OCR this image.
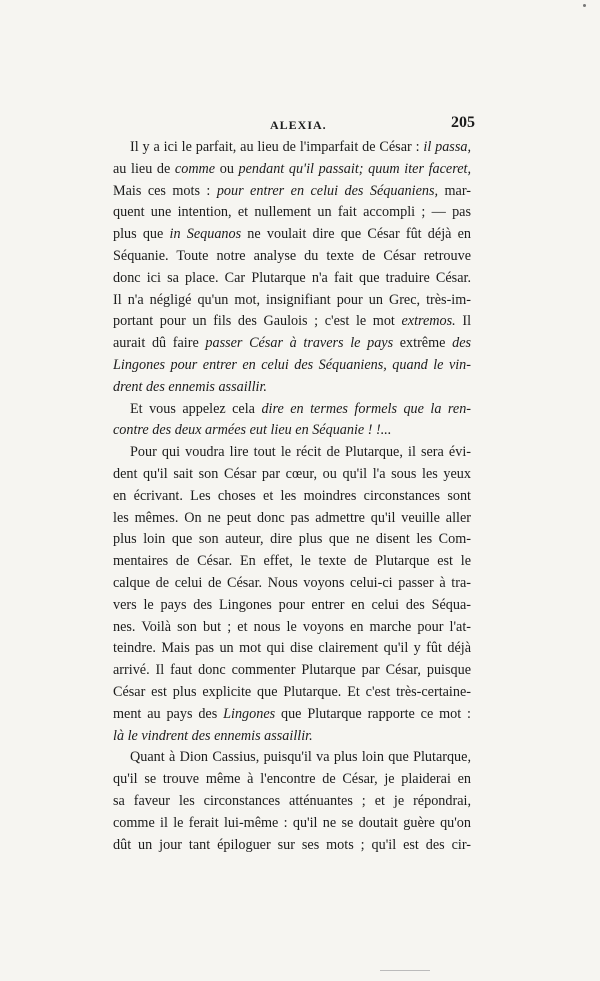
ALEXIA.	205
Il y a ici le parfait, au lieu de l'imparfait de César : il passa,
au lieu de comme ou pendant qu'il passait; quum iter faceret,
Mais ces mots : pour entrer en celui des Séquaniens, mar-
quent une intention, et nullement un fait accompli ; — pas
plus que in Sequanos ne voulait dire que César fût déjà en
Séquanie. Toute notre analyse du texte de César retrouve
donc ici sa place. Car Plutarque n'a fait que traduire César.
Il n'a négligé qu'un mot, insignifiant pour un Grec, très-im-
portant pour un fils des Gaulois ; c'est le mot extremos. Il
aurait dû faire passer César à travers le pays extrême des
Lingones pour entrer en celui des Séquaniens, quand le vin-
drent des ennemis assaillir.
Et vous appelez cela dire en termes formels que la ren-
contre des deux armées eut lieu en Séquanie ! !...
Pour qui voudra lire tout le récit de Plutarque, il sera évi-
dent qu'il sait son César par cœur, ou qu'il l'a sous les yeux
en écrivant. Les choses et les moindres circonstances sont
les mêmes. On ne peut donc pas admettre qu'il veuille aller
plus loin que son auteur, dire plus que ne disent les Com-
mentaires de César. En effet, le texte de Plutarque est le
calque de celui de César. Nous voyons celui-ci passer à tra-
vers le pays des Lingones pour entrer en celui des Séqua-
nes. Voilà son but ; et nous le voyons en marche pour l'at-
teindre. Mais pas un mot qui dise clairement qu'il y fût déjà
arrivé. Il faut donc commenter Plutarque par César, puisque
César est plus explicite que Plutarque. Et c'est très-certaine-
ment au pays des Lingones que Plutarque rapporte ce mot :
là le vindrent des ennemis assaillir.
Quant à Dion Cassius, puisqu'il va plus loin que Plutarque,
qu'il se trouve même à l'encontre de César, je plaiderai en
sa faveur les circonstances atténuantes ; et je répondrai,
comme il le ferait lui-même : qu'il ne se doutait guère qu'on
dût un jour tant épiloguer sur ses mots ; qu'il est des cir-
